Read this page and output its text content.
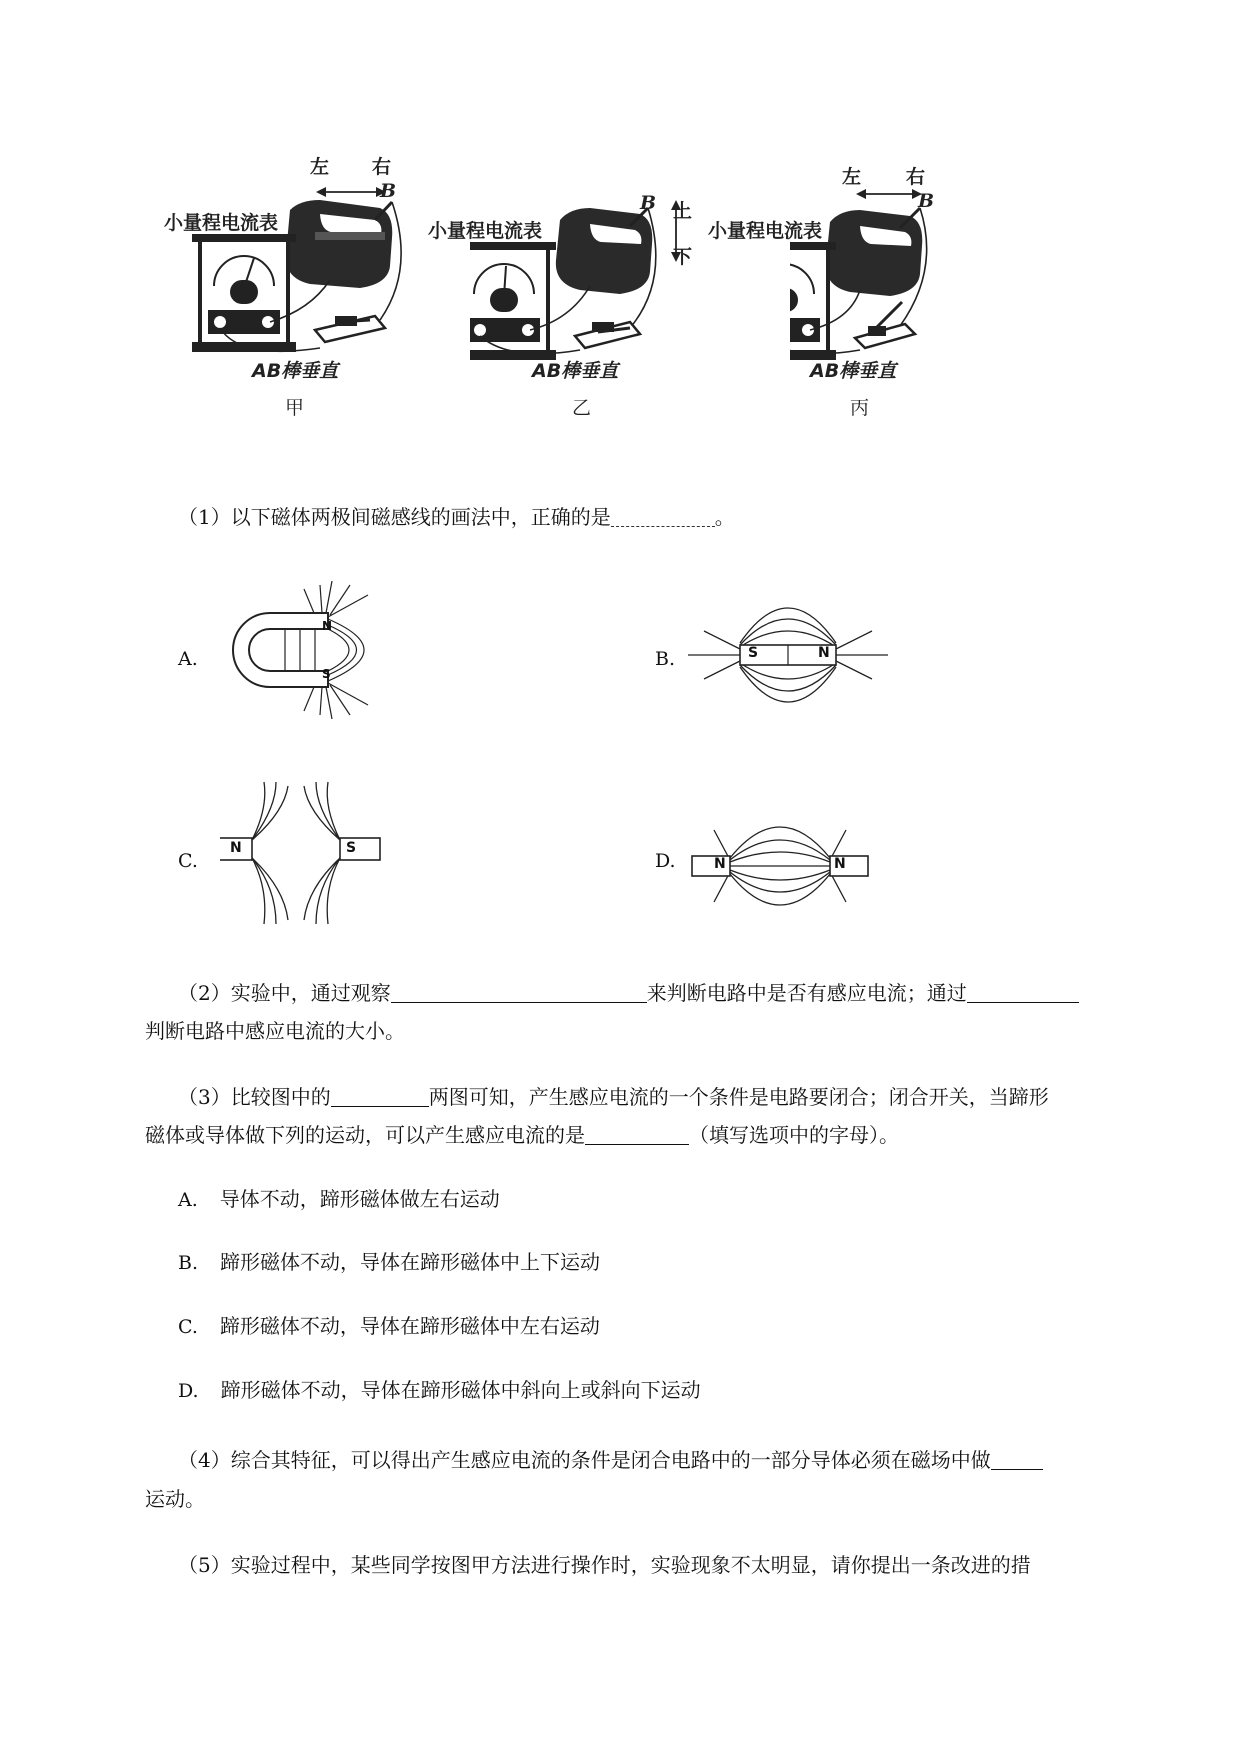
左 右
B
小量程电流表
AB棒垂直
甲
B 上
下
小量程电流表
AB棒垂直
乙
左 右
B
小量程电流表
AB棒垂直
丙
（1）以下磁体两极间磁感线的画法中，正确的是	。
A.
N
S
B.	S	N
C.
N	S
D.	N	N
（2）实验中，通过观察	来判断电路中是否有感应电流；通过
判断电路中感应电流的大小。
（3）比较图中的	两图可知，产生感应电流的一个条件是电路要闭合；闭合开关，当蹄形
磁体或导体做下列的运动，可以产生感应电流的是	（填写选项中的字母）。
A. 导体不动，蹄形磁体做左右运动
B. 蹄形磁体不动，导体在蹄形磁体中上下运动
C. 蹄形磁体不动，导体在蹄形磁体中左右运动
D. 蹄形磁体不动，导体在蹄形磁体中斜向上或斜向下运动
（4）综合其特征，可以得出产生感应电流的条件是闭合电路中的一部分导体必须在磁场中做
运动。
（5）实验过程中，某些同学按图甲方法进行操作时，实验现象不太明显，请你提出一条改进的措
